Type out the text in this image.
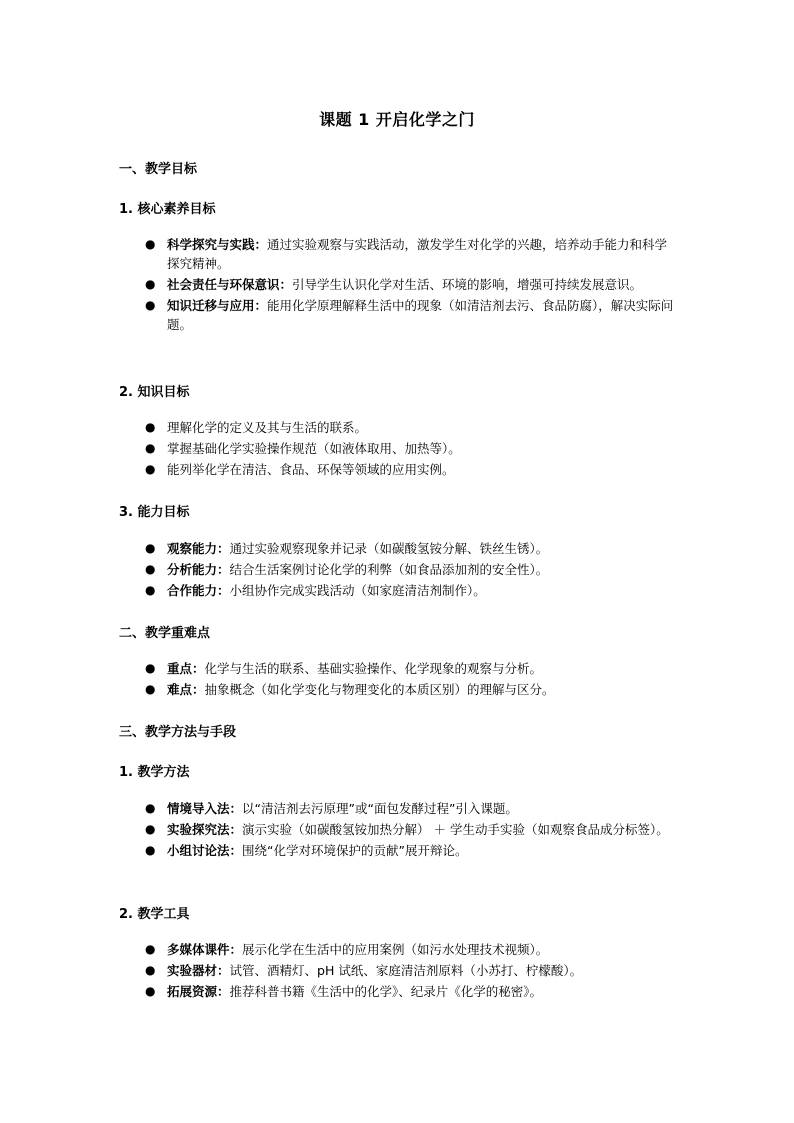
课题 1 开启化学之门
一、教学目标
1. 核心素养目标
● 科学探究与实践：通过实验观察与实践活动，激发学生对化学的兴趣，培养动手能力和科学探究精神。
● 社会责任与环保意识：引导学生认识化学对生活、环境的影响，增强可持续发展意识。
● 知识迁移与应用：能用化学原理解释生活中的现象（如清洁剂去污、食品防腐），解决实际问题。
2. 知识目标
● 理解化学的定义及其与生活的联系。
● 掌握基础化学实验操作规范（如液体取用、加热等）。
● 能列举化学在清洁、食品、环保等领域的应用实例。
3. 能力目标
● 观察能力：通过实验观察现象并记录（如碳酸氢铵分解、铁丝生锈）。
● 分析能力：结合生活案例讨论化学的利弊（如食品添加剂的安全性）。
● 合作能力：小组协作完成实践活动（如家庭清洁剂制作）。
二、教学重难点
● 重点：化学与生活的联系、基础实验操作、化学现象的观察与分析。
● 难点：抽象概念（如化学变化与物理变化的本质区别）的理解与区分。
三、教学方法与手段
1. 教学方法
● 情境导入法：以“清洁剂去污原理”或“面包发酵过程”引入课题。
● 实验探究法：演示实验（如碳酸氢铵加热分解） ＋ 学生动手实验（如观察食品成分标签）。
● 小组讨论法：围绕“化学对环境保护的贡献”展开辩论。
2. 教学工具
● 多媒体课件：展示化学在生活中的应用案例（如污水处理技术视频）。
● 实验器材：试管、酒精灯、pH 试纸、家庭清洁剂原料（小苏打、柠檬酸）。
● 拓展资源：推荐科普书籍《生活中的化学》、纪录片《化学的秘密》。
